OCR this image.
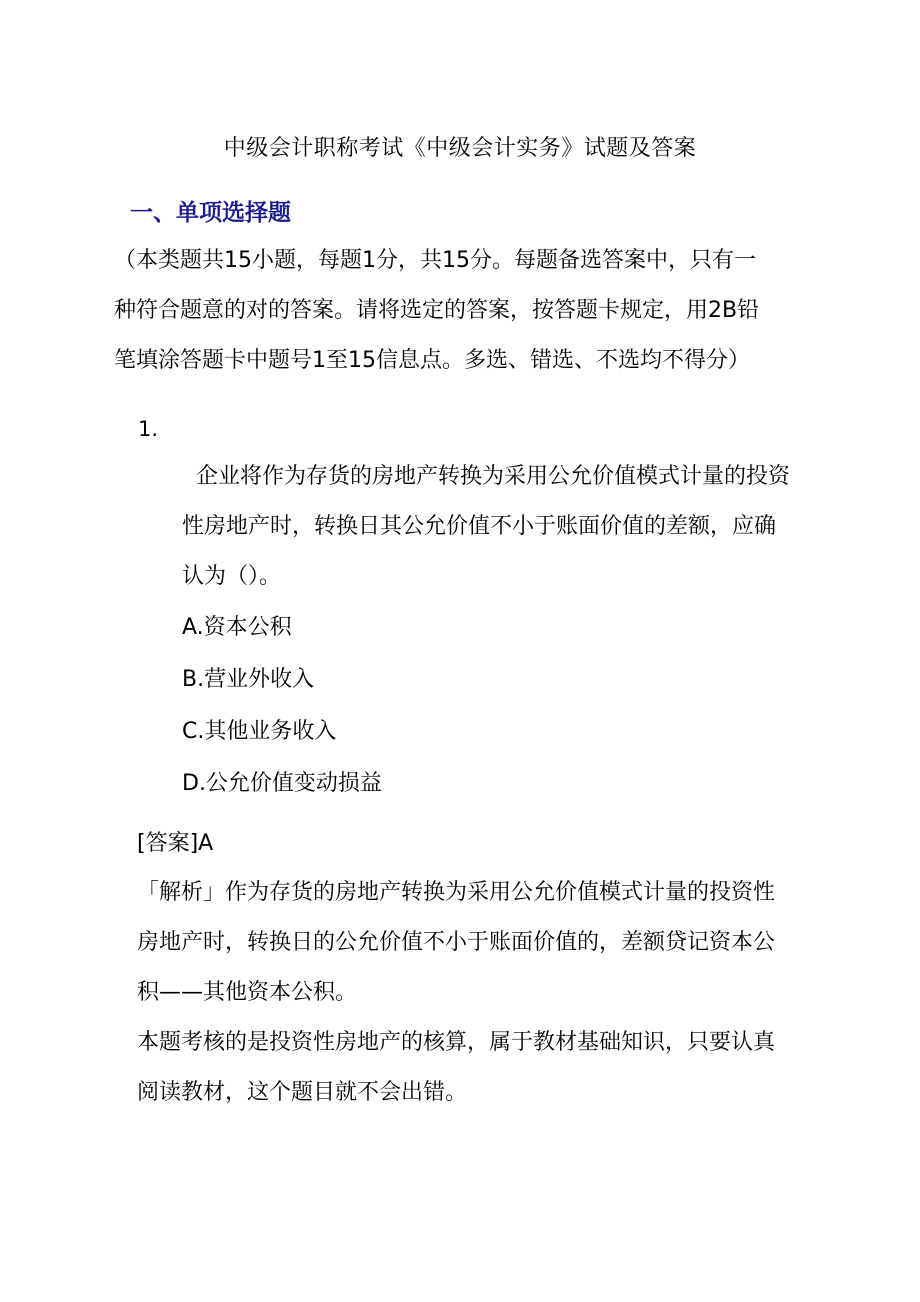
中级会计职称考试《中级会计实务》试题及答案
一、单项选择题
（本类题共15小题，每题1分，共15分。每题备选答案中，只有一
种符合题意的对的答案。请将选定的答案，按答题卡规定，用2B铅
笔填涂答题卡中题号1至15信息点。多选、错选、不选均不得分）
1.
企业将作为存货的房地产转换为采用公允价值模式计量的投资
性房地产时，转换日其公允价值不小于账面价值的差额，应确
认为（）。
A.资本公积
B.营业外收入
C.其他业务收入
D.公允价值变动损益
[答案]A
「解析」作为存货的房地产转换为采用公允价值模式计量的投资性
房地产时，转换日的公允价值不小于账面价值的，差额贷记资本公
积——其他资本公积。
本题考核的是投资性房地产的核算，属于教材基础知识，只要认真
阅读教材，这个题目就不会出错。
